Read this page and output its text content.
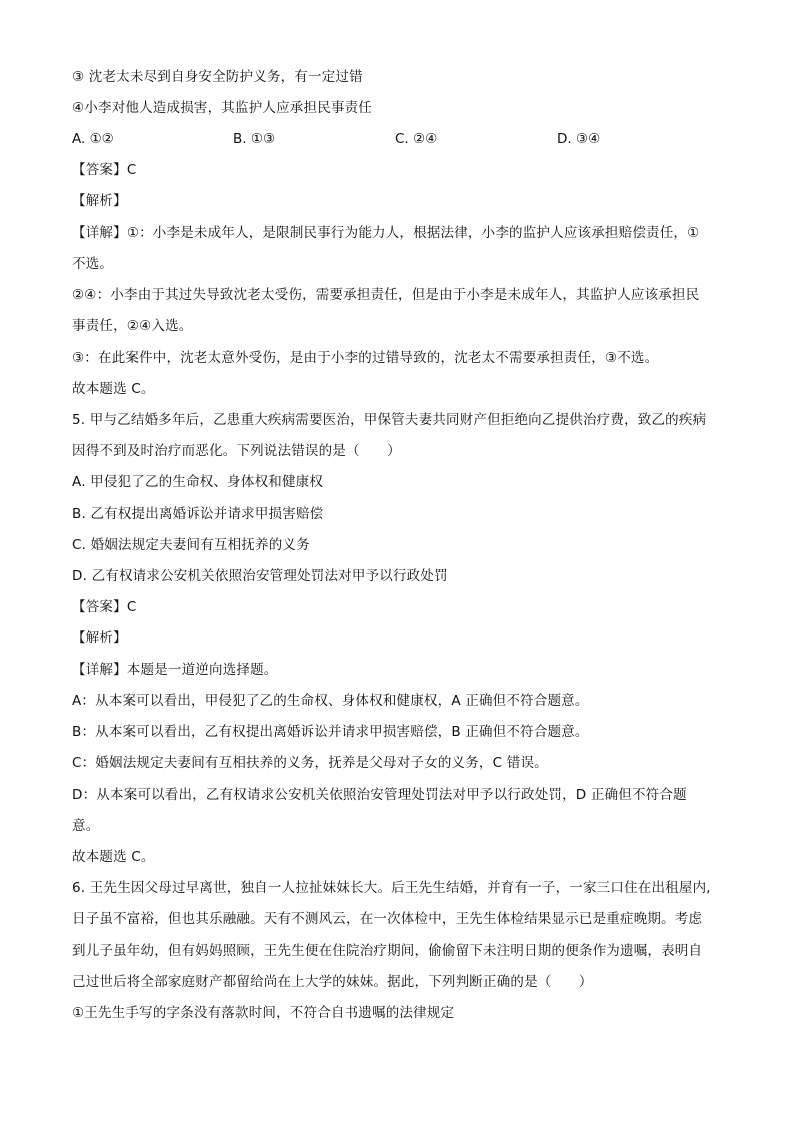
③ 沈老太未尽到自身安全防护义务，有一定过错
④小李对他人造成损害，其监护人应承担民事责任
A. ①②	B. ①③	C. ②④	D. ③④
【答案】C
【解析】
【详解】①：小李是未成年人，是限制民事行为能力人，根据法律，小李的监护人应该承担赔偿责任，①
不选。
②④：小李由于其过失导致沈老太受伤，需要承担责任，但是由于小李是未成年人，其监护人应该承担民
事责任，②④入选。
③：在此案件中，沈老太意外受伤，是由于小李的过错导致的，沈老太不需要承担责任，③不选。
故本题选 C。
5. 甲与乙结婚多年后，乙患重大疾病需要医治，甲保管夫妻共同财产但拒绝向乙提供治疗费，致乙的疾病
因得不到及时治疗而恶化。下列说法错误的是（　　）
A. 甲侵犯了乙的生命权、身体权和健康权
B. 乙有权提出离婚诉讼并请求甲损害赔偿
C. 婚姻法规定夫妻间有互相抚养的义务
D. 乙有权请求公安机关依照治安管理处罚法对甲予以行政处罚
【答案】C
【解析】
【详解】本题是一道逆向选择题。
A：从本案可以看出，甲侵犯了乙的生命权、身体权和健康权，A 正确但不符合题意。
B：从本案可以看出，乙有权提出离婚诉讼并请求甲损害赔偿，B 正确但不符合题意。
C：婚姻法规定夫妻间有互相扶养的义务，抚养是父母对子女的义务，C 错误。
D：从本案可以看出，乙有权请求公安机关依照治安管理处罚法对甲予以行政处罚，D 正确但不符合题
意。
故本题选 C。
6. 王先生因父母过早离世，独自一人拉扯妹妹长大。后王先生结婚，并育有一子，一家三口住在出租屋内,
日子虽不富裕，但也其乐融融。天有不测风云，在一次体检中，王先生体检结果显示已是重症晚期。考虑
到儿子虽年幼，但有妈妈照顾，王先生便在住院治疗期间，偷偷留下未注明日期的便条作为遗嘱，表明自
己过世后将全部家庭财产都留给尚在上大学的妹妹。据此，下列判断正确的是（　　）
①王先生手写的字条没有落款时间，不符合自书遗嘱的法律规定
